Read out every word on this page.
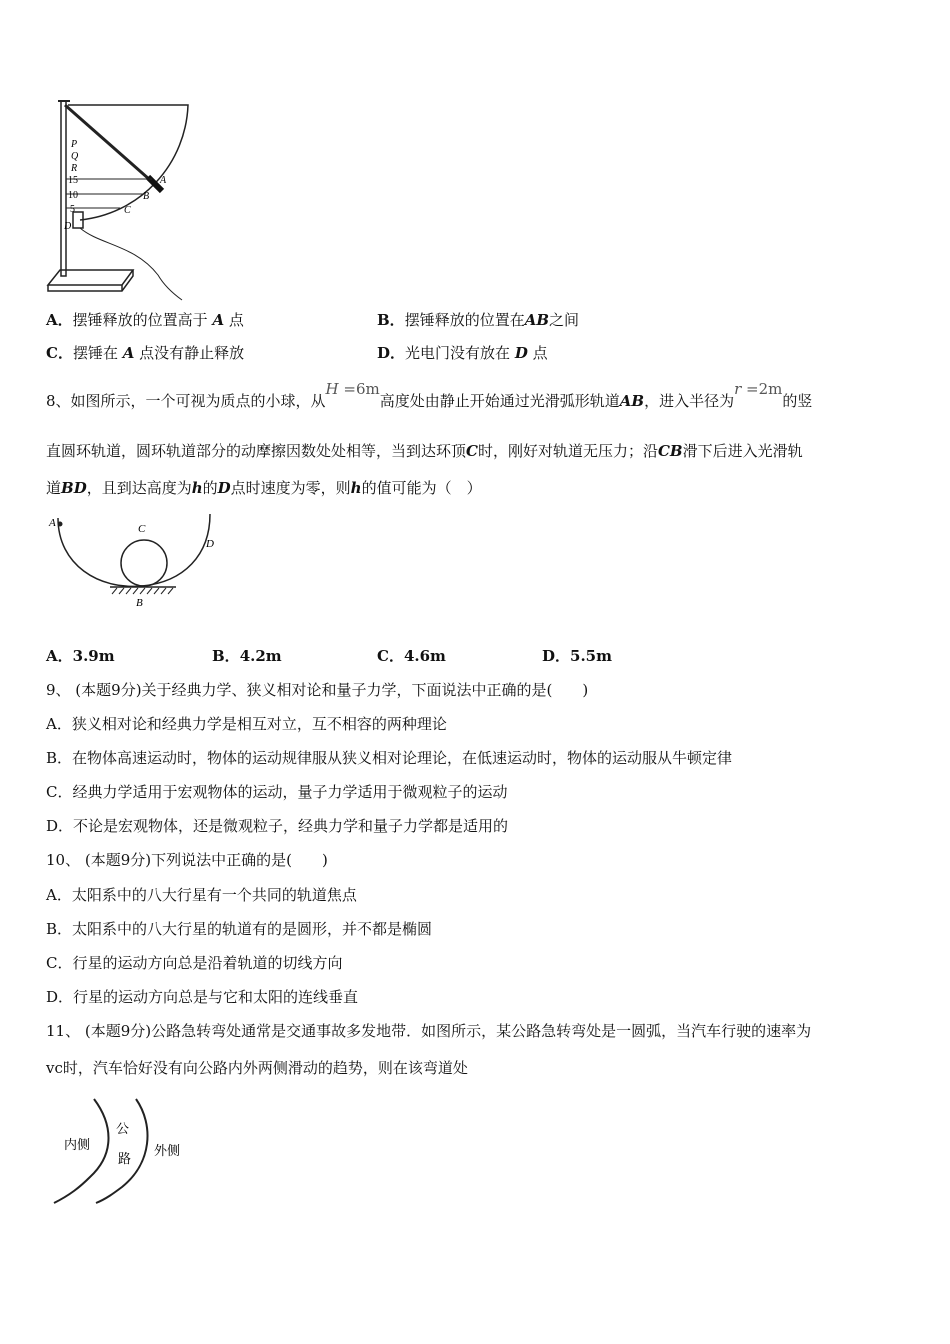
P
Q
R
15
10
5
A
B
C
D
A．摆锤释放的位置高于 A 点	B．摆锤释放的位置在AB之间
C．摆锤在 A 点没有静止释放	D．光电门没有放在 D 点
8、如图所示，一个可视为质点的小球，从H =6m高度处由静止开始通过光滑弧形轨道AB，进入半径为r =2m的竖
直圆环轨道，圆环轨道部分的动摩擦因数处处相等，当到达环顶C时，刚好对轨道无压力；沿CB滑下后进入光滑轨
道BD，且到达高度为h的D点时速度为零，则h的值可能为（　）
A	C
D
B
A．3.9m	B．4.2m	C．4.6m	D．5.5m
9、 (本题9分)关于经典力学、狭义相对论和量子力学，下面说法中正确的是(　　)
A．狭义相对论和经典力学是相互对立，互不相容的两种理论
B．在物体高速运动时，物体的运动规律服从狭义相对论理论，在低速运动时，物体的运动服从牛顿定律
C．经典力学适用于宏观物体的运动，量子力学适用于微观粒子的运动
D．不论是宏观物体，还是微观粒子，经典力学和量子力学都是适用的
10、 (本题9分)下列说法中正确的是(　　)
A．太阳系中的八大行星有一个共同的轨道焦点
B．太阳系中的八大行星的轨道有的是圆形，并不都是椭圆
C．行星的运动方向总是沿着轨道的切线方向
D．行星的运动方向总是与它和太阳的连线垂直
11、 (本题9分)公路急转弯处通常是交通事故多发地带．如图所示，某公路急转弯处是一圆弧，当汽车行驶的速率为
vc时，汽车恰好没有向公路内外两侧滑动的趋势，则在该弯道处
内侧
公
路
外侧
